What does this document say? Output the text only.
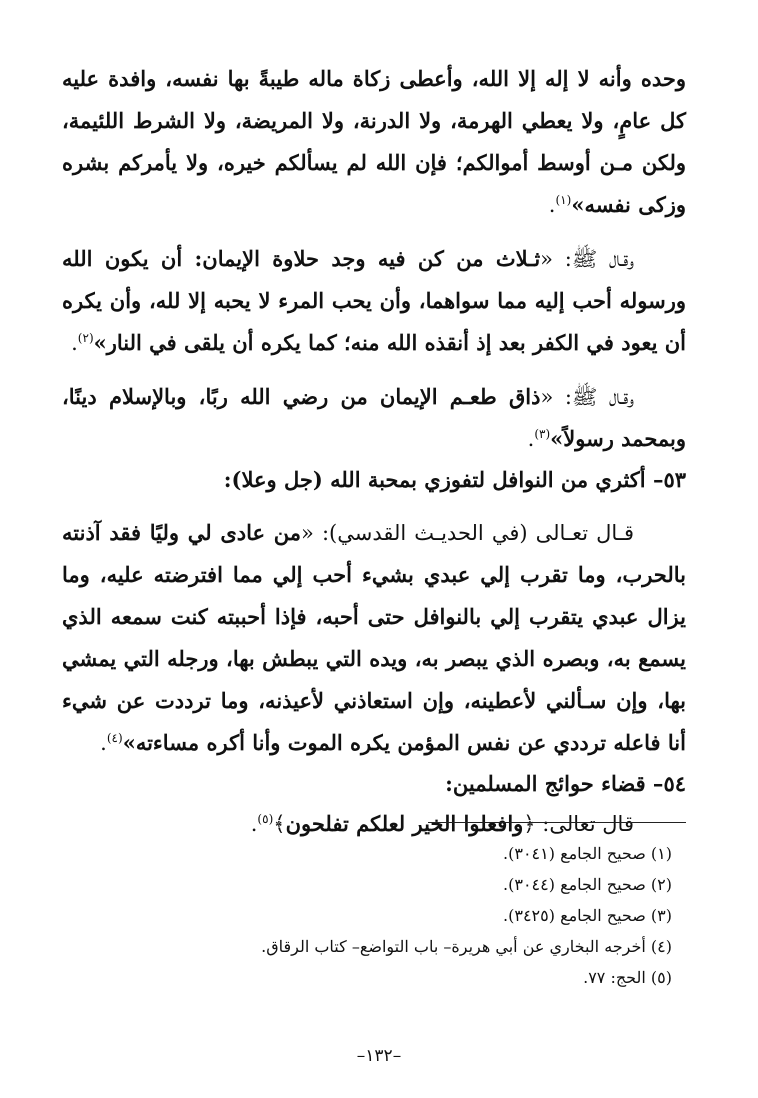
وحده وأنه لا إله إلا الله، وأعطى زكاة ماله طيبةً بها نفسه، وافدة عليه كل عامٍ، ولا يعطي الهرمة، ولا الدرنة، ولا المريضة، ولا الشرط اللئيمة، ولكن مـن أوسط أموالكم؛ فإن الله لم يسألكم خيره، ولا يأمركم بشره وزكى نفسه»$^{(١)}$.

وقـال ﷺ: «ثـلاث من كن فيه وجد حلاوة الإيمان: أن يكون الله ورسوله أحب إليه مما سواهما، وأن يحب المرء لا يحبه إلا لله، وأن يكره أن يعود في الكفر بعد إذ أنقذه الله منه؛ كما يكره أن يلقى في النار»$^{(٢)}$.

وقـال ﷺ: «ذاق طعـم الإيمان من رضي الله ربًا، وبالإسلام دينًا، وبمحمد رسولاً»$^{(٣)}$.

٥٣– أكثري من النوافل لتفوزي بمحبة الله (جل وعلا):

قـال تعـالى (في الحديـث القدسي): «من عادى لي وليًا فقد آذنته بالحرب، وما تقرب إلي عبدي بشيء أحب إلي مما افترضته عليه، وما يزال عبدي يتقرب إلي بالنوافل حتى أحبه، فإذا أحببته كنت سمعه الذي يسمع به، وبصره الذي يبصر به، ويده التي يبطش بها، ورجله التي يمشي بها، وإن سـألني لأعطينه، وإن استعاذني لأعيذنه، وما ترددت عن شيء أنا فاعله ترددي عن نفس المؤمن يكره الموت وأنا أكره مساءته»$^{(٤)}$.

٥٤– قضاء حوائج المسلمين:

قال تعالى: ﴿وافعلوا الخير لعلكم تفلحون﴾$^{(٥)}$.

(١) صحيح الجامع (٣٠٤١).

(٢) صحيح الجامع (٣٠٤٤).

(٣) صحيح الجامع (٣٤٢٥).

(٤) أخرجه البخاري عن أبي هريرة– باب التواضع– كتاب الرقاق.

(٥) الحج: ٧٧.

–١٣٢–
